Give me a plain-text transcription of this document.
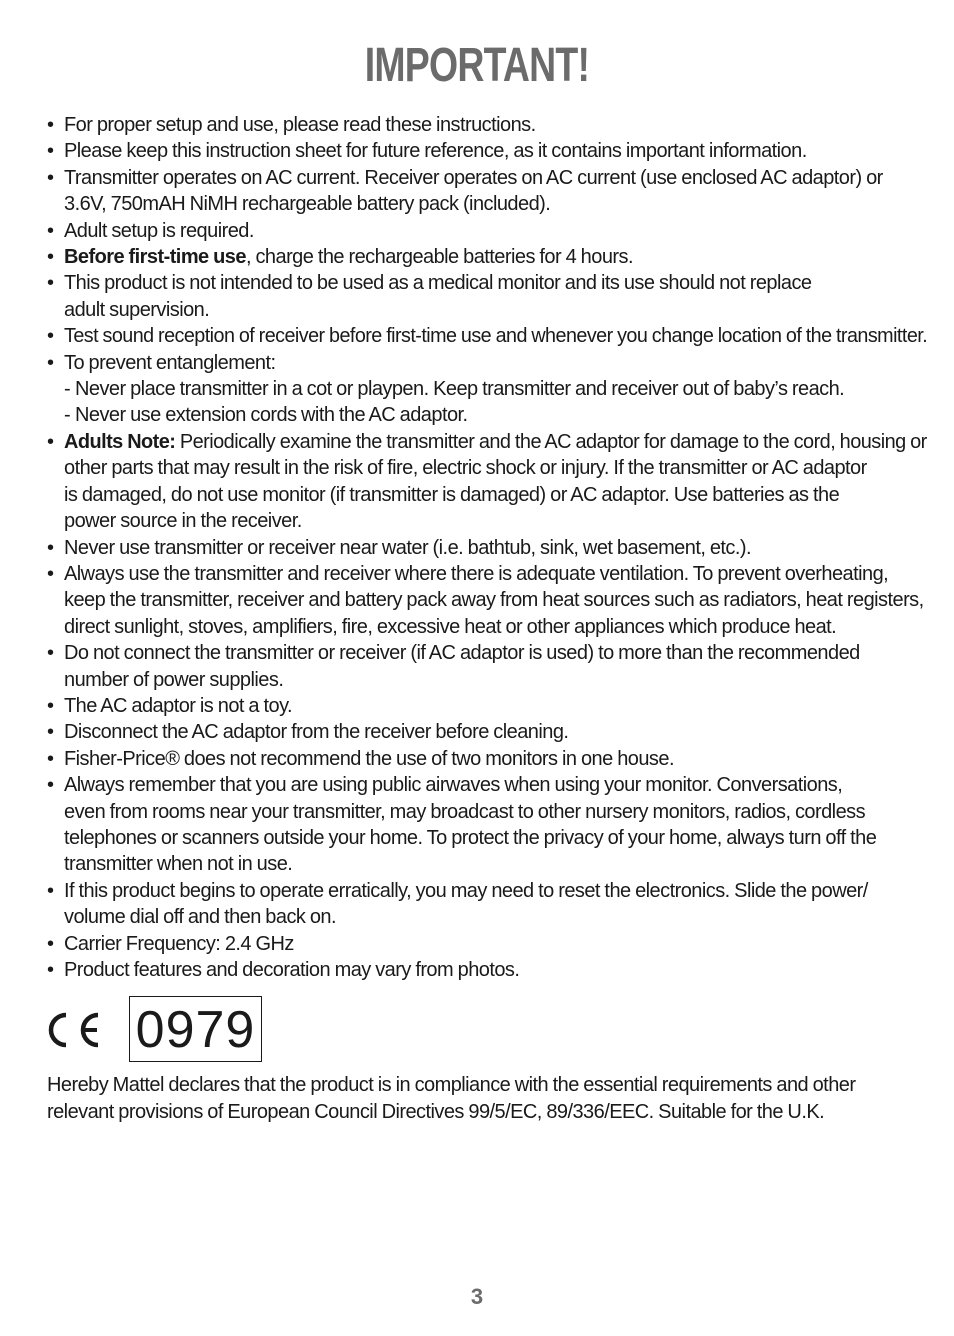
IMPORTANT!
• For proper setup and use, please read these instructions.
• Please keep this instruction sheet for future reference, as it contains important information.
• Transmitter operates on AC current. Receiver operates on AC current (use enclosed AC adaptor) or
3.6V, 750mAH NiMH rechargeable battery pack (included).
• Adult setup is required.
• Before first-time use, charge the rechargeable batteries for 4 hours.
• This product is not intended to be used as a medical monitor and its use should not replace
adult supervision.
• Test sound reception of receiver before first-time use and whenever you change location of the transmitter.
• To prevent entanglement:
- Never place transmitter in a cot or playpen. Keep transmitter and receiver out of baby’s reach.
- Never use extension cords with the AC adaptor.
• Adults Note: Periodically examine the transmitter and the AC adaptor for damage to the cord, housing or
other parts that may result in the risk of fire, electric shock or injury. If the transmitter or AC adaptor
is damaged, do not use monitor (if transmitter is damaged) or AC adaptor. Use batteries as the
power source in the receiver.
• Never use transmitter or receiver near water (i.e. bathtub, sink, wet basement, etc.).
• Always use the transmitter and receiver where there is adequate ventilation. To prevent overheating,
keep the transmitter, receiver and battery pack away from heat sources such as radiators, heat registers,
direct sunlight, stoves, amplifiers, fire, excessive heat or other appliances which produce heat.
• Do not connect the transmitter or receiver (if AC adaptor is used) to more than the recommended
number of power supplies.
• The AC adaptor is not a toy.
• Disconnect the AC adaptor from the receiver before cleaning.
• Fisher-Price® does not recommend the use of two monitors in one house.
• Always remember that you are using public airwaves when using your monitor. Conversations,
even from rooms near your transmitter, may broadcast to other nursery monitors, radios, cordless
telephones or scanners outside your home. To protect the privacy of your home, always turn off the
transmitter when not in use.
• If this product begins to operate erratically, you may need to reset the electronics. Slide the power/
volume dial off and then back on.
• Carrier Frequency: 2.4 GHz
• Product features and decoration may vary from photos.
0979

Hereby Mattel declares that the product is in compliance with the essential requirements and other
relevant provisions of European Council Directives 99/5/EC, 89/336/EEC. Suitable for the U.K.

3
